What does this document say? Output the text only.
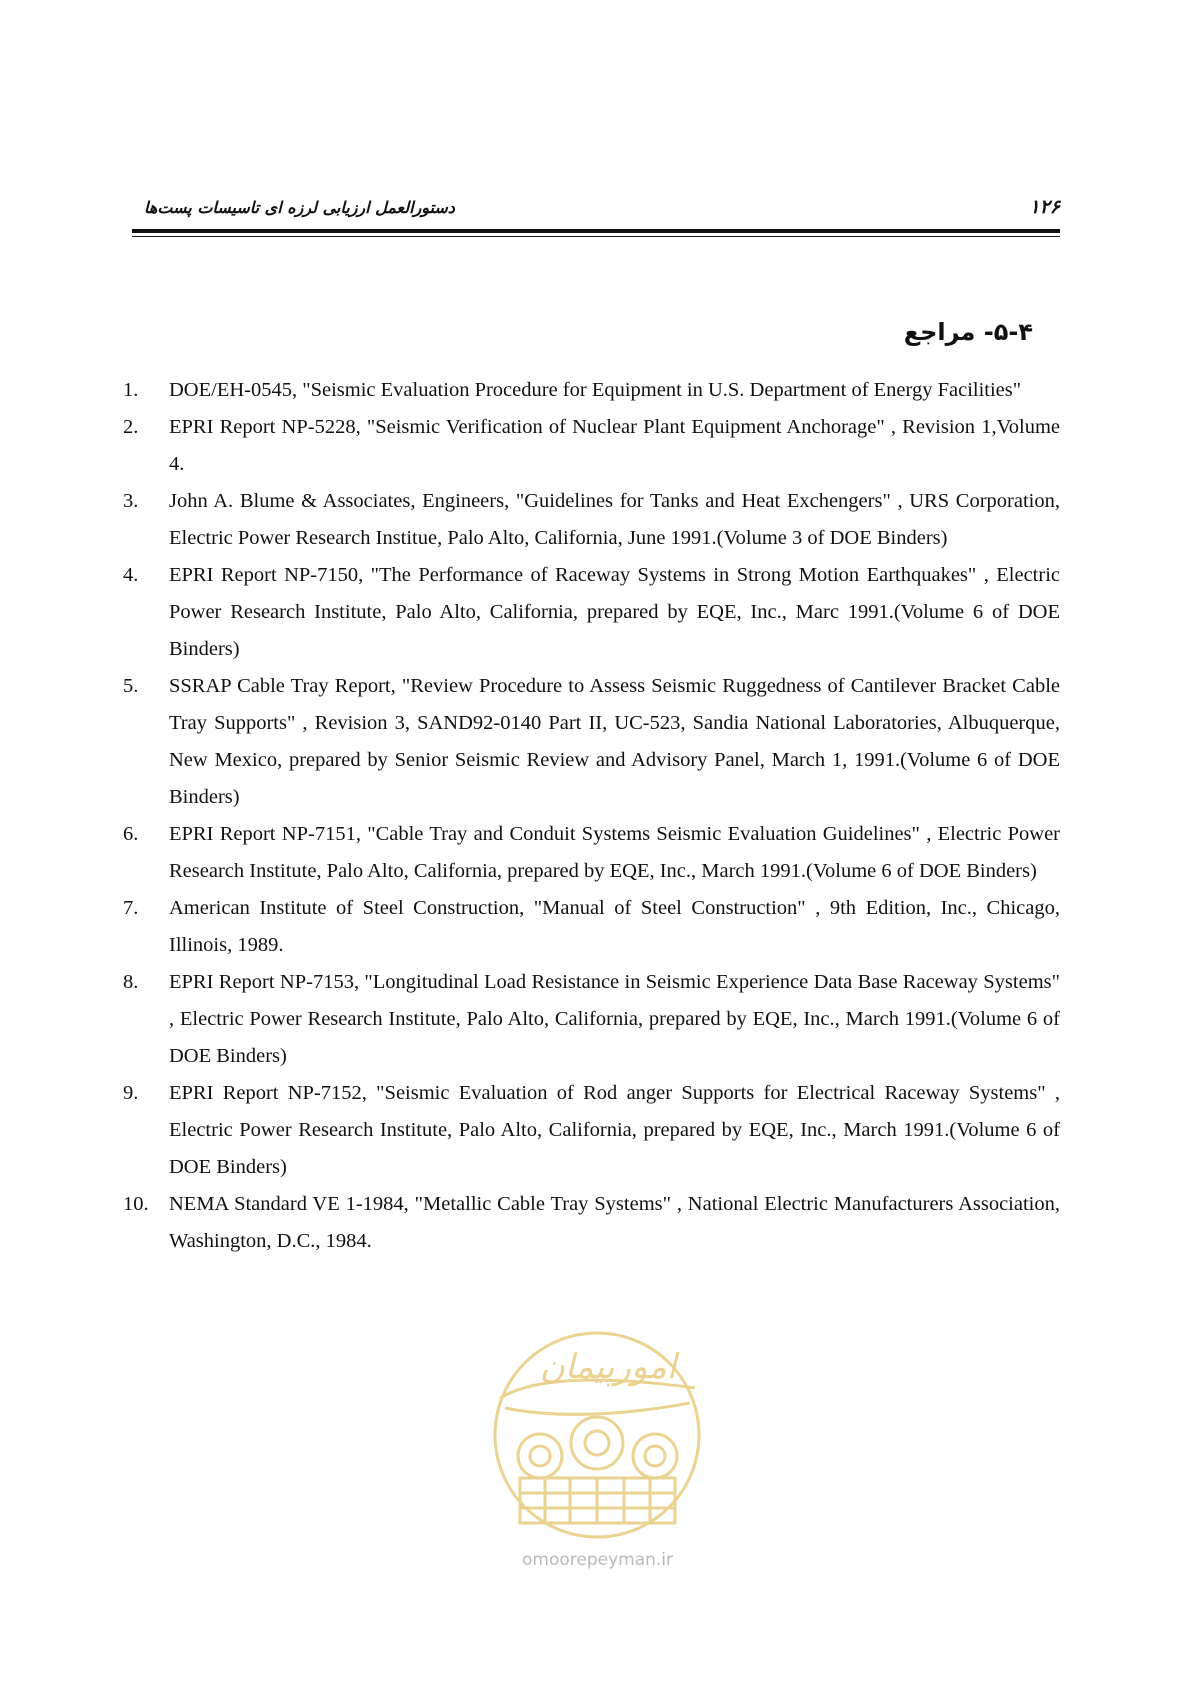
دستورالعمل ارزیابی لرزه ای تاسیسات پست‌ها	۱۲۶
۵-۴- مراجع
1. DOE/EH-0545, "Seismic Evaluation Procedure for Equipment in U.S. Department of Energy Facilities"
2. EPRI Report NP-5228, "Seismic Verification of Nuclear Plant Equipment Anchorage" , Revision 1,Volume 4.
3. John A. Blume & Associates, Engineers, "Guidelines for Tanks and Heat Exchengers" , URS Corporation, Electric Power Research Institue, Palo Alto, California, June 1991.(Volume 3 of DOE Binders)
4. EPRI Report NP-7150, "The Performance of Raceway Systems in Strong Motion Earthquakes" , Electric Power Research Institute, Palo Alto, California, prepared by EQE, Inc., Marc 1991.(Volume 6 of DOE Binders)
5. SSRAP Cable Tray Report, "Review Procedure to Assess Seismic Ruggedness of Cantilever Bracket Cable Tray Supports" , Revision 3, SAND92-0140 Part II, UC-523, Sandia National Laboratories, Albuquerque, New Mexico, prepared by Senior Seismic Review and Advisory Panel, March 1, 1991.(Volume 6 of DOE Binders)
6. EPRI Report NP-7151, "Cable Tray and Conduit Systems Seismic Evaluation Guidelines" , Electric Power Research Institute, Palo Alto, California, prepared by EQE, Inc., March 1991.(Volume 6 of DOE Binders)
7. American Institute of Steel Construction, "Manual of Steel Construction" , 9th Edition, Inc., Chicago, Illinois, 1989.
8. EPRI Report NP-7153, "Longitudinal Load Resistance in Seismic Experience Data Base Raceway Systems" , Electric Power Research Institute, Palo Alto, California, prepared by EQE, Inc., March 1991.(Volume 6 of DOE Binders)
9. EPRI Report NP-7152, "Seismic Evaluation of Rod anger Supports for Electrical Raceway Systems" , Electric Power Research Institute, Palo Alto, California, prepared by EQE, Inc., March 1991.(Volume 6 of DOE Binders)
10. NEMA Standard VE 1-1984, "Metallic Cable Tray Systems" , National Electric Manufacturers Association, Washington, D.C., 1984.
امورپیمان
omoorepeyman.ir
